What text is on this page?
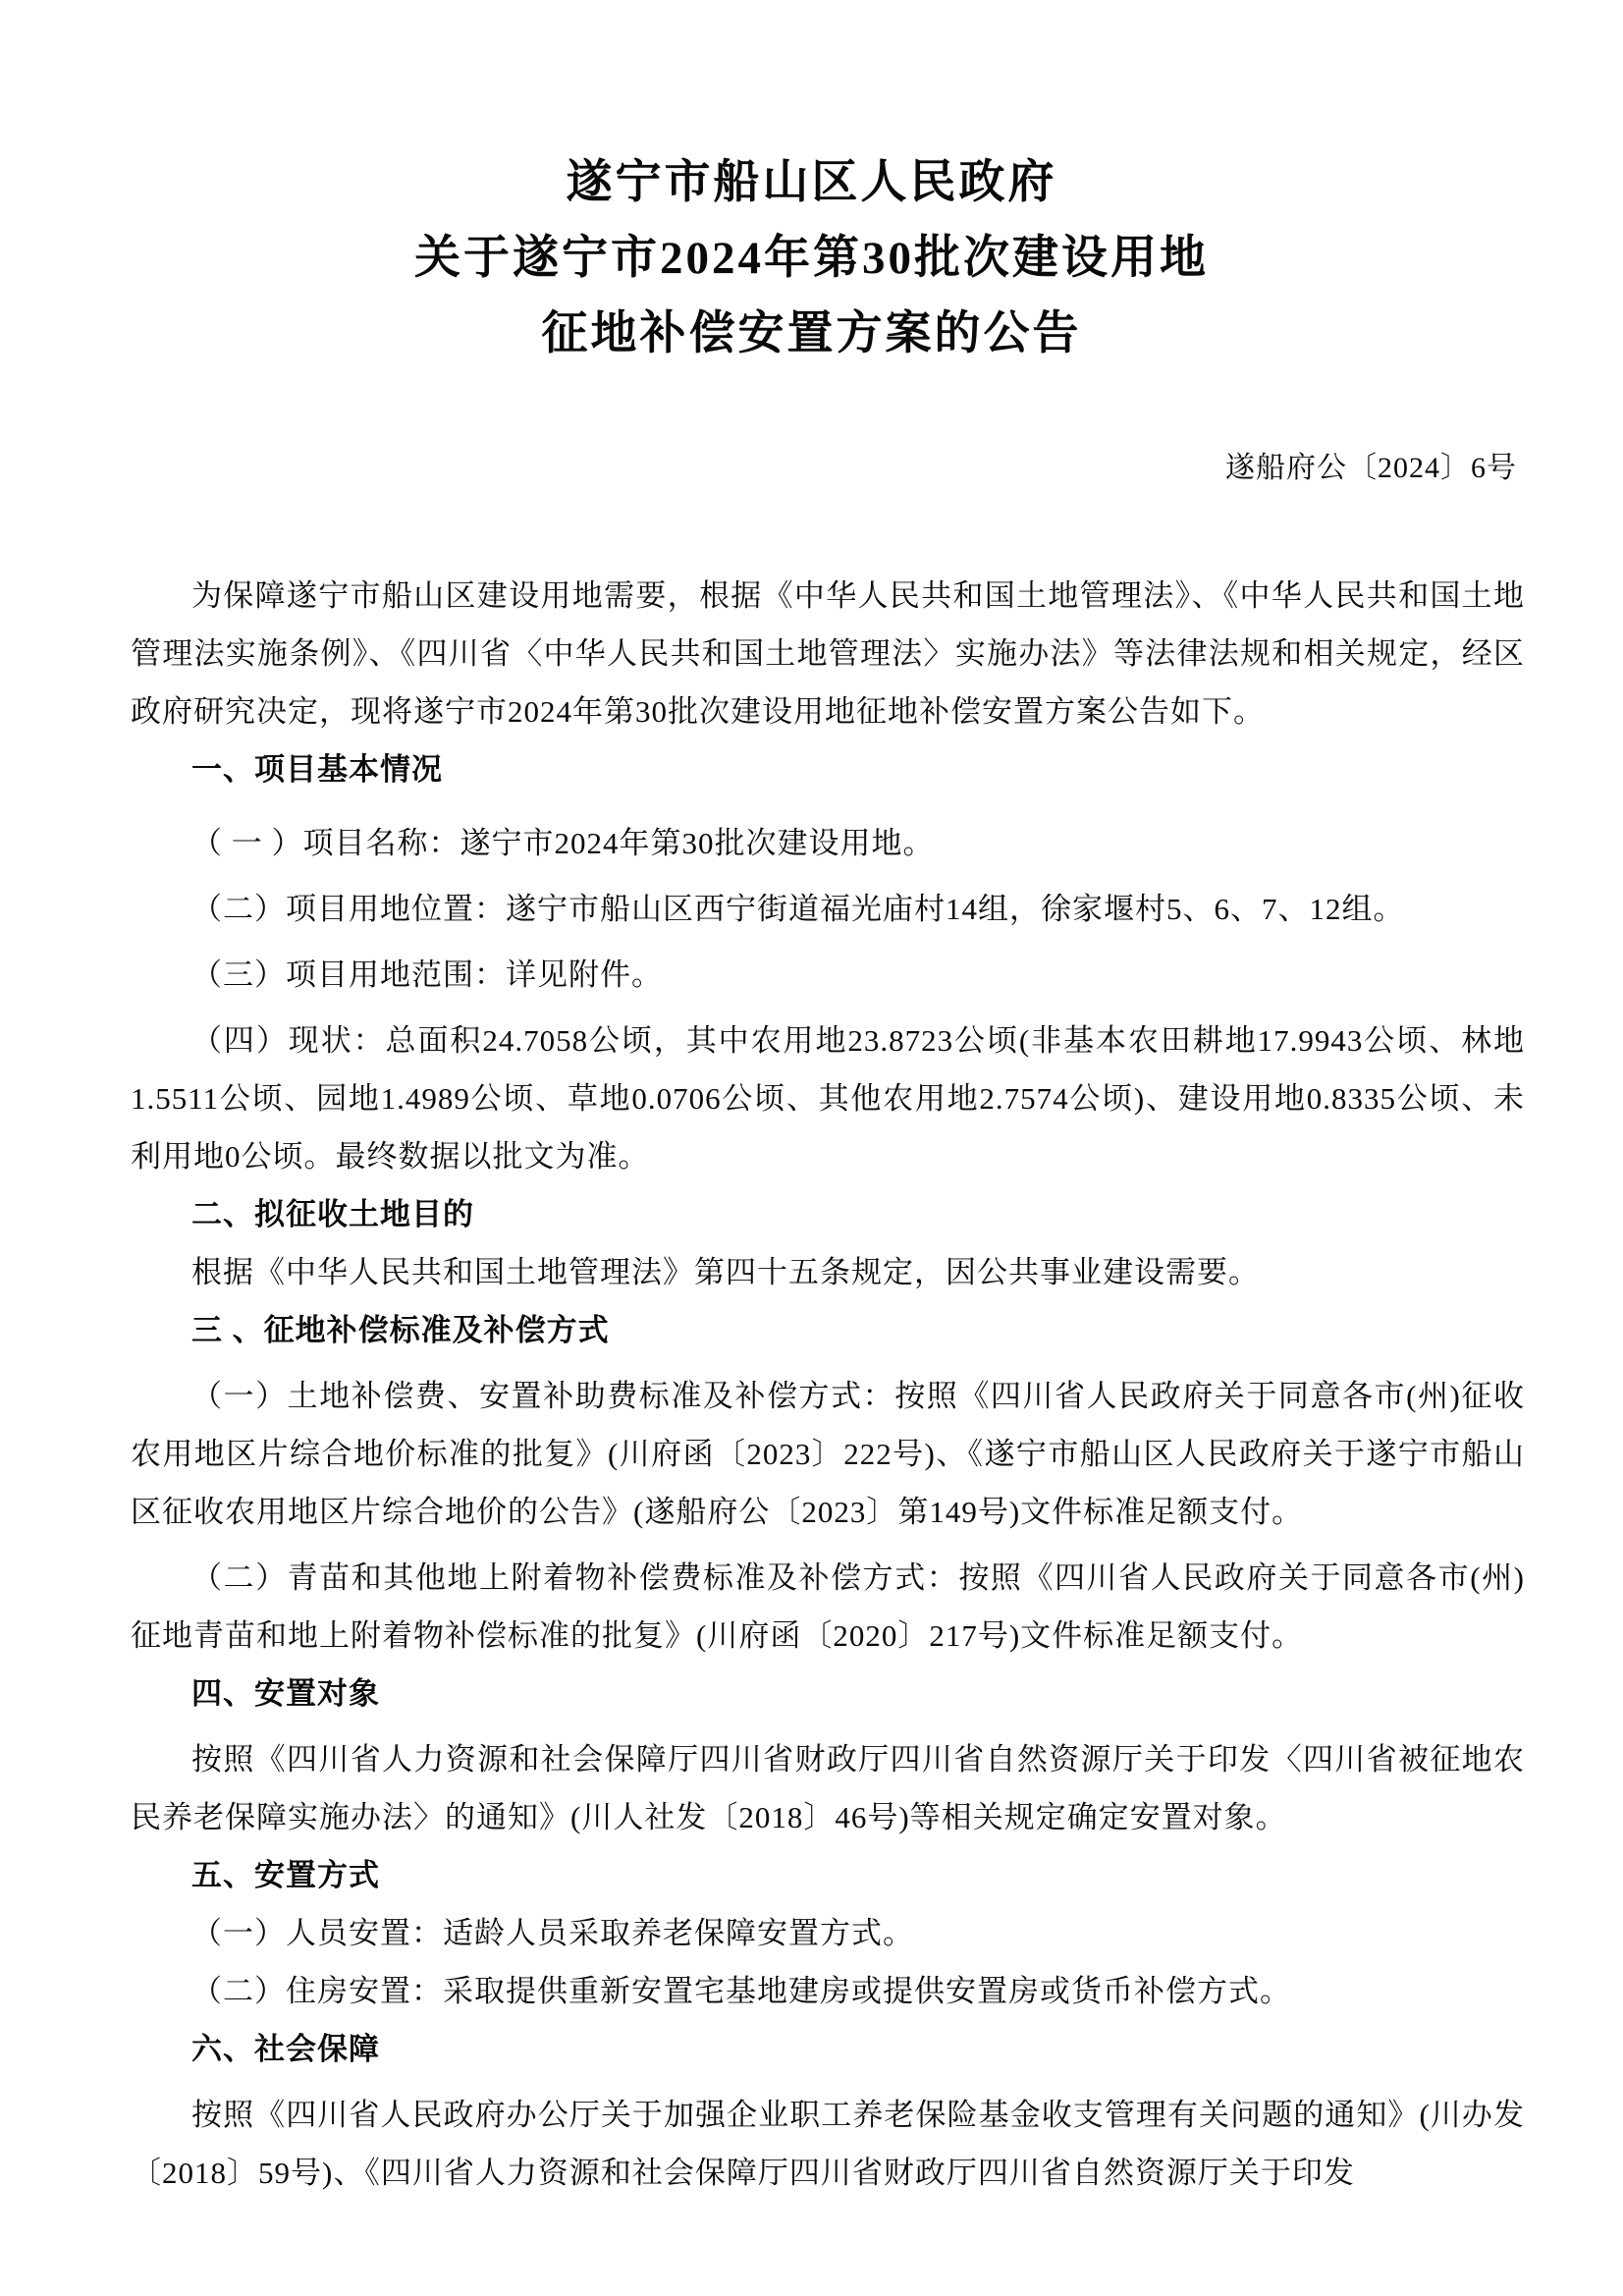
遂宁市船山区人民政府
关于遂宁市2024年第30批次建设用地
征地补偿安置方案的公告
遂船府公〔2024〕6号

为保障遂宁市船山区建设用地需要，根据《中华人民共和国土地管理法》、《中华人民共和国土地管理法实施条例》、《四川省〈中华人民共和国土地管理法〉实施办法》等法律法规和相关规定，经区政府研究决定，现将遂宁市2024年第30批次建设用地征地补偿安置方案公告如下。

一、项目基本情况

（ 一 ）项目名称：遂宁市2024年第30批次建设用地。

（二）项目用地位置：遂宁市船山区西宁街道福光庙村14组，徐家堰村5、6、7、12组。

（三）项目用地范围：详见附件。

（四）现状：总面积24.7058公顷，其中农用地23.8723公顷(非基本农田耕地17.9943公顷、林地1.5511公顷、园地1.4989公顷、草地0.0706公顷、其他农用地2.7574公顷)、建设用地0.8335公顷、未利用地0公顷。最终数据以批文为准。

二、拟征收土地目的

根据《中华人民共和国土地管理法》第四十五条规定，因公共事业建设需要。

三 、征地补偿标准及补偿方式

（一）土地补偿费、安置补助费标准及补偿方式：按照《四川省人民政府关于同意各市(州)征收农用地区片综合地价标准的批复》(川府函〔2023〕222号)、《遂宁市船山区人民政府关于遂宁市船山区征收农用地区片综合地价的公告》(遂船府公〔2023〕第149号)文件标准足额支付。

（二）青苗和其他地上附着物补偿费标准及补偿方式：按照《四川省人民政府关于同意各市(州)征地青苗和地上附着物补偿标准的批复》(川府函〔2020〕217号)文件标准足额支付。

四、安置对象

按照《四川省人力资源和社会保障厅四川省财政厅四川省自然资源厅关于印发〈四川省被征地农民养老保障实施办法〉的通知》(川人社发〔2018〕46号)等相关规定确定安置对象。

五、安置方式

（一）人员安置：适龄人员采取养老保障安置方式。

（二）住房安置：采取提供重新安置宅基地建房或提供安置房或货币补偿方式。

六、社会保障

按照《四川省人民政府办公厅关于加强企业职工养老保险基金收支管理有关问题的通知》(川办发〔2018〕59号)、《四川省人力资源和社会保障厅四川省财政厅四川省自然资源厅关于印发
